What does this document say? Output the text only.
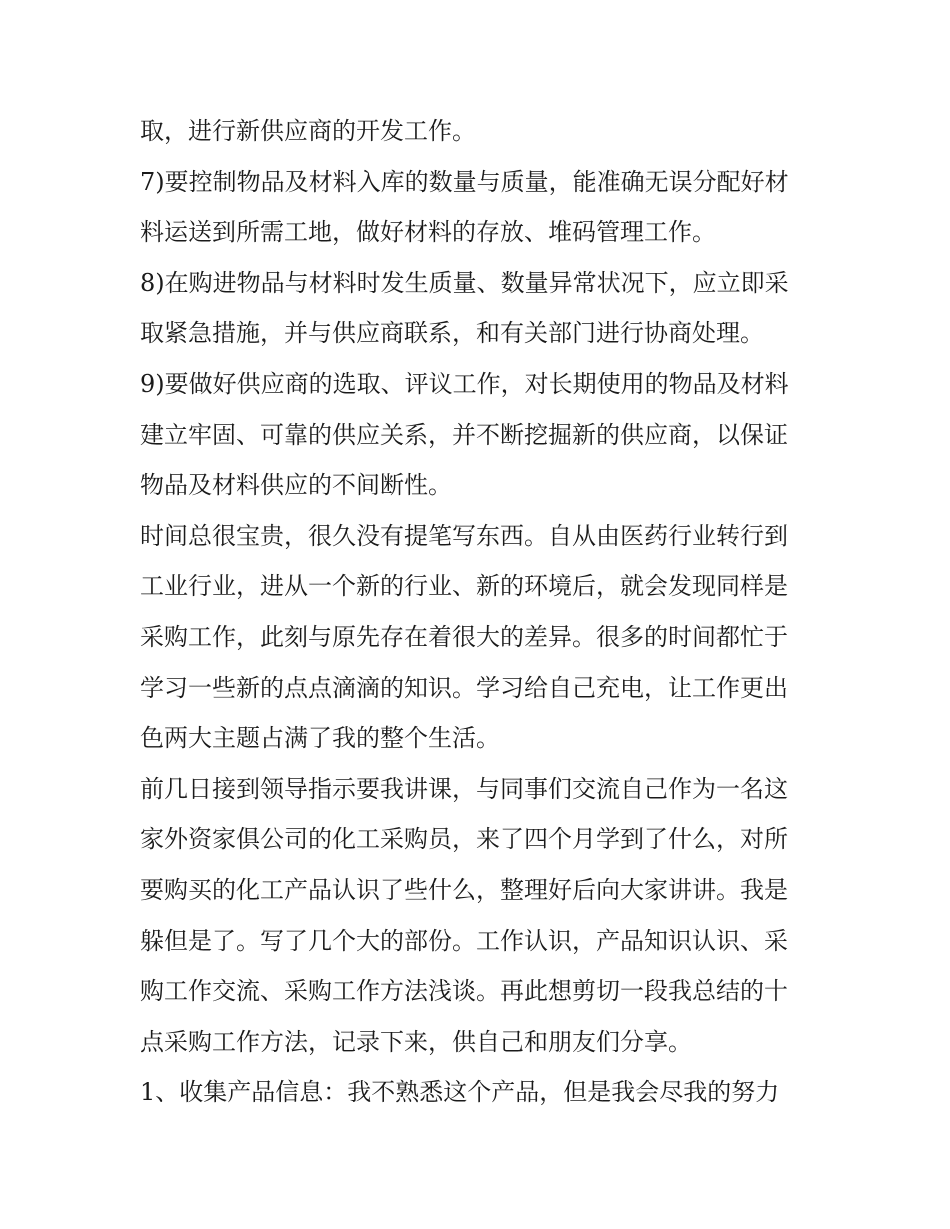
取，进行新供应商的开发工作。
7)要控制物品及材料入库的数量与质量，能准确无误分配好材
料运送到所需工地，做好材料的存放、堆码管理工作。
8)在购进物品与材料时发生质量、数量异常状况下，应立即采
取紧急措施，并与供应商联系，和有关部门进行协商处理。
9)要做好供应商的选取、评议工作，对长期使用的物品及材料
建立牢固、可靠的供应关系，并不断挖掘新的供应商，以保证
物品及材料供应的不间断性。
时间总很宝贵，很久没有提笔写东西。自从由医药行业转行到
工业行业，进从一个新的行业、新的环境后，就会发现同样是
采购工作，此刻与原先存在着很大的差异。很多的时间都忙于
学习一些新的点点滴滴的知识。学习给自己充电，让工作更出
色两大主题占满了我的整个生活。
前几日接到领导指示要我讲课，与同事们交流自己作为一名这
家外资家俱公司的化工采购员，来了四个月学到了什么，对所
要购买的化工产品认识了些什么，整理好后向大家讲讲。我是
躲但是了。写了几个大的部份。工作认识，产品知识认识、采
购工作交流、采购工作方法浅谈。再此想剪切一段我总结的十
点采购工作方法，记录下来，供自己和朋友们分享。
1、收集产品信息：我不熟悉这个产品，但是我会尽我的努力
